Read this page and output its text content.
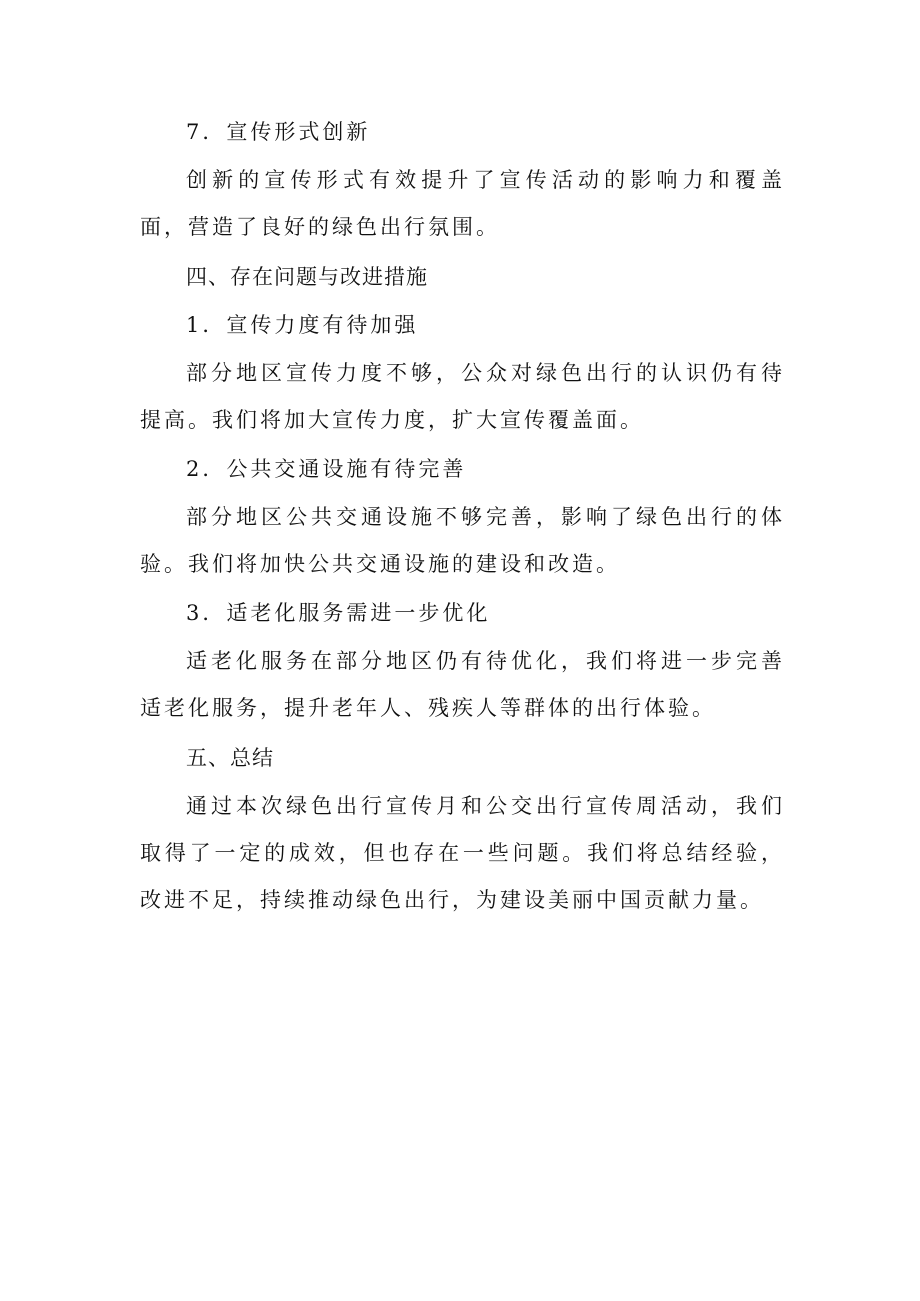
7．宣传形式创新
创新的宣传形式有效提升了宣传活动的影响力和覆盖面，营造了良好的绿色出行氛围。
四、存在问题与改进措施
1．宣传力度有待加强
部分地区宣传力度不够，公众对绿色出行的认识仍有待提高。我们将加大宣传力度，扩大宣传覆盖面。
2．公共交通设施有待完善
部分地区公共交通设施不够完善，影响了绿色出行的体验。我们将加快公共交通设施的建设和改造。
3．适老化服务需进一步优化
适老化服务在部分地区仍有待优化，我们将进一步完善适老化服务，提升老年人、残疾人等群体的出行体验。
五、总结
通过本次绿色出行宣传月和公交出行宣传周活动，我们取得了一定的成效，但也存在一些问题。我们将总结经验，改进不足，持续推动绿色出行，为建设美丽中国贡献力量。
